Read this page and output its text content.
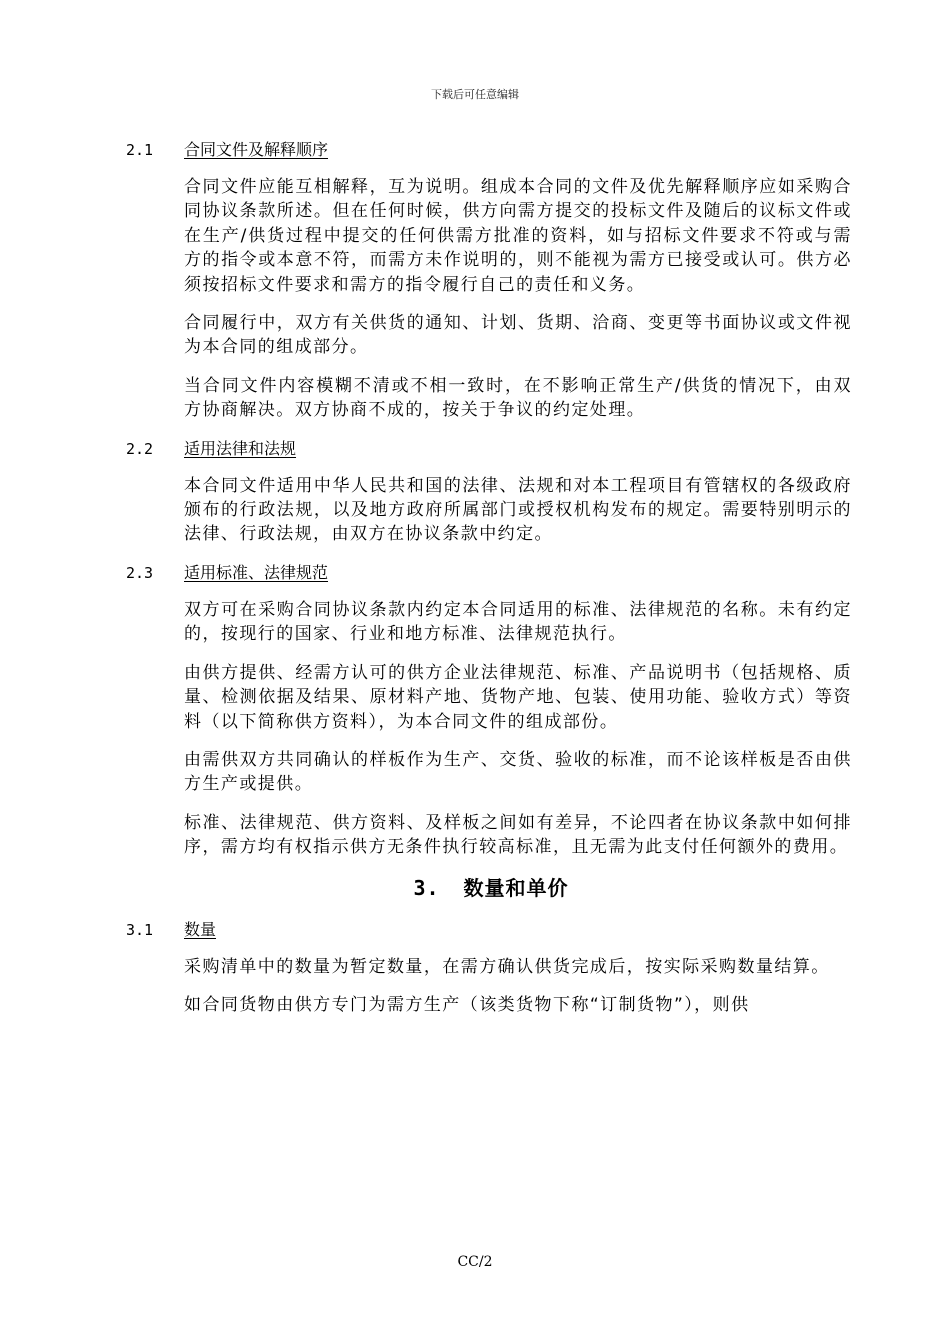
下载后可任意编辑
2.1 合同文件及解释顺序

合同文件应能互相解释，互为说明。组成本合同的文件及优先解释顺序应如采购合同协议条款所述。但在任何时候，供方向需方提交的投标文件及随后的议标文件或在生产/供货过程中提交的任何供需方批准的资料，如与招标文件要求不符或与需方的指令或本意不符，而需方未作说明的，则不能视为需方已接受或认可。供方必须按招标文件要求和需方的指令履行自己的责任和义务。

合同履行中，双方有关供货的通知、计划、货期、洽商、变更等书面协议或文件视为本合同的组成部分。

当合同文件内容模糊不清或不相一致时，在不影响正常生产/供货的情况下，由双方协商解决。双方协商不成的，按关于争议的约定处理。

2.2 适用法律和法规

本合同文件适用中华人民共和国的法律、法规和对本工程项目有管辖权的各级政府颁布的行政法规，以及地方政府所属部门或授权机构发布的规定。需要特别明示的法律、行政法规，由双方在协议条款中约定。

2.3 适用标准、法律规范

双方可在采购合同协议条款内约定本合同适用的标准、法律规范的名称。未有约定的，按现行的国家、行业和地方标准、法律规范执行。

由供方提供、经需方认可的供方企业法律规范、标准、产品说明书（包括规格、质量、检测依据及结果、原材料产地、货物产地、包装、使用功能、验收方式）等资料（以下简称供方资料），为本合同文件的组成部份。

由需供双方共同确认的样板作为生产、交货、验收的标准，而不论该样板是否由供方生产或提供。

标准、法律规范、供方资料、及样板之间如有差异，不论四者在协议条款中如何排序，需方均有权指示供方无条件执行较高标准，且无需为此支付任何额外的费用。

3. 数量和单价
3.1 数量

采购清单中的数量为暂定数量，在需方确认供货完成后，按实际采购数量结算。

如合同货物由供方专门为需方生产（该类货物下称“订制货物”），则供

CC/2
